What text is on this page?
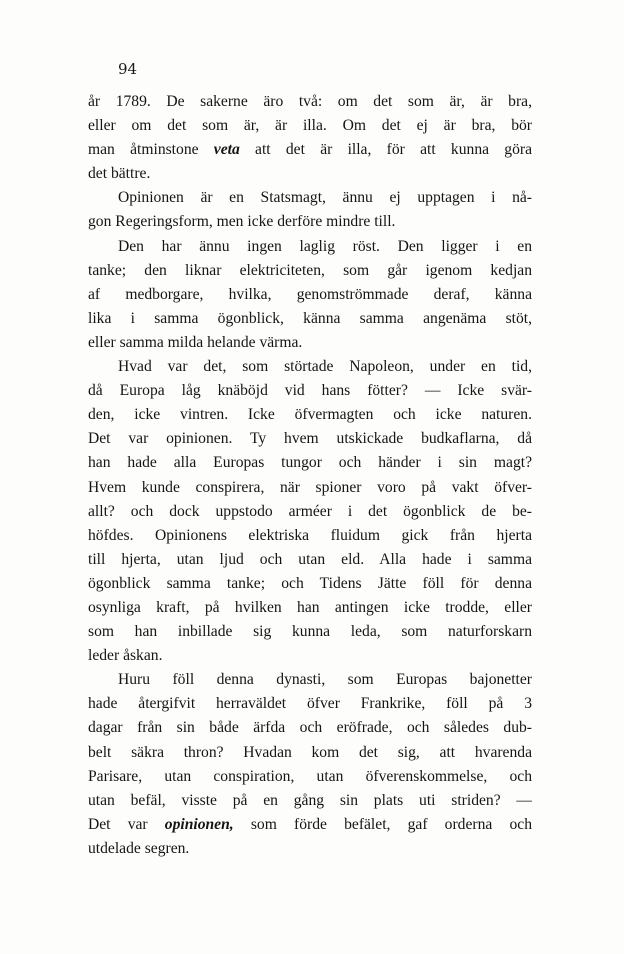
94

år 1789. De sakerne äro två: om det som är, är bra,
eller om det som är, är illa. Om det ej är bra, bör
man åtminstone veta att det är illa, för att kunna göra
det bättre.

Opinionen är en Statsmagt, ännu ej upptagen i nå-
gon Regeringsform, men icke derföre mindre till.

Den har ännu ingen laglig röst. Den ligger i en
tanke; den liknar elektriciteten, som går igenom kedjan
af medborgare, hvilka, genomströmmade deraf, känna
lika i samma ögonblick, känna samma angenäma stöt,
eller samma milda helande värma.

Hvad var det, som störtade Napoleon, under en tid,
då Europa låg knäböjd vid hans fötter? — Icke svär-
den, icke vintren. Icke öfvermagten och icke naturen.
Det var opinionen. Ty hvem utskickade budkaflarna, då
han hade alla Europas tungor och händer i sin magt?
Hvem kunde conspirera, när spioner voro på vakt öfver-
allt? och dock uppstodo arméer i det ögonblick de be-
höfdes. Opinionens elektriska fluidum gick från hjerta
till hjerta, utan ljud och utan eld. Alla hade i samma
ögonblick samma tanke; och Tidens Jätte föll för denna
osynliga kraft, på hvilken han antingen icke trodde, eller
som han inbillade sig kunna leda, som naturforskarn
leder åskan.

Huru föll denna dynasti, som Europas bajonetter
hade återgifvit herraväldet öfver Frankrike, föll på 3
dagar från sin både ärfda och eröfrade, och således dub-
belt säkra thron? Hvadan kom det sig, att hvarenda
Parisare, utan conspiration, utan öfverenskommelse, och
utan befäl, visste på en gång sin plats uti striden? —
Det var opinionen, som förde befälet, gaf orderna och
utdelade segren.
